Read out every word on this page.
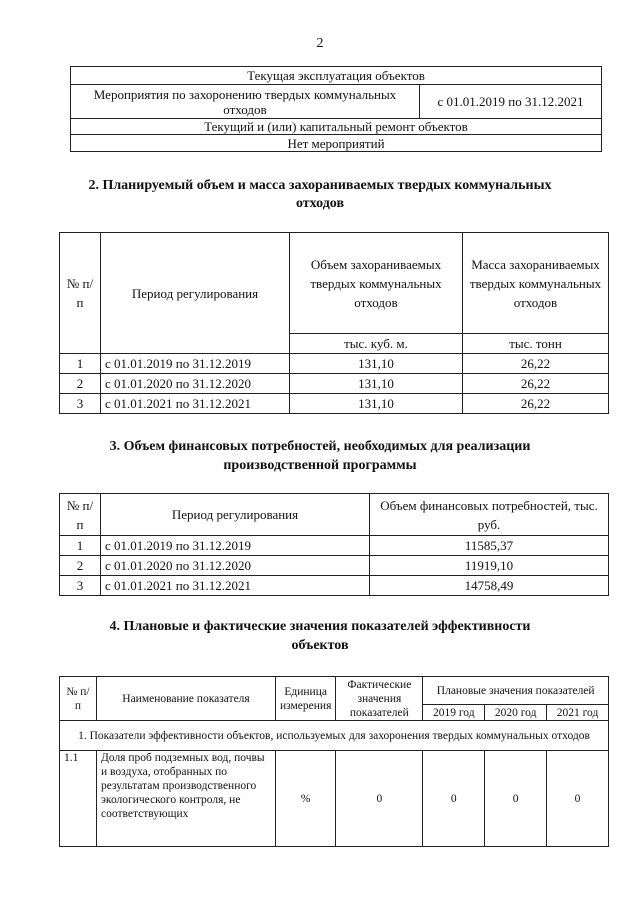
2
Текущая эксплуатация объектов
Мероприятия по захоронению твердых коммунальных отходов	с 01.01.2019 по 31.12.2021
Текущий и (или) капитальный ремонт объектов
Нет мероприятий
2. Планируемый объем и масса захораниваемых твердых коммунальных
отходов
№ п/п	Период регулирования	Объем захораниваемых твердых коммунальных отходов	Масса захораниваемых твердых коммунальных отходов
		тыс. куб. м.	тыс. тонн
1	с 01.01.2019 по 31.12.2019	131,10	26,22
2	с 01.01.2020 по 31.12.2020	131,10	26,22
3	с 01.01.2021 по 31.12.2021	131,10	26,22
3. Объем финансовых потребностей, необходимых для реализации
производственной программы
№ п/п	Период регулирования	Объем финансовых потребностей, тыс. руб.
1	с 01.01.2019 по 31.12.2019	11585,37
2	с 01.01.2020 по 31.12.2020	11919,10
3	с 01.01.2021 по 31.12.2021	14758,49
4. Плановые и фактические значения показателей эффективности
объектов
№ п/п	Наименование показателя	Единица измерения	Фактические значения показателей	Плановые значения показателей		
				2019 год	2020 год	2021 год
1. Показатели эффективности объектов, используемых для захоронения твердых коммунальных отходов						
1.1	Доля проб подземных вод, почвы и воздуха, отобранных по результатам производственного экологического контроля, не соответствующих	%	0	0	0	0
